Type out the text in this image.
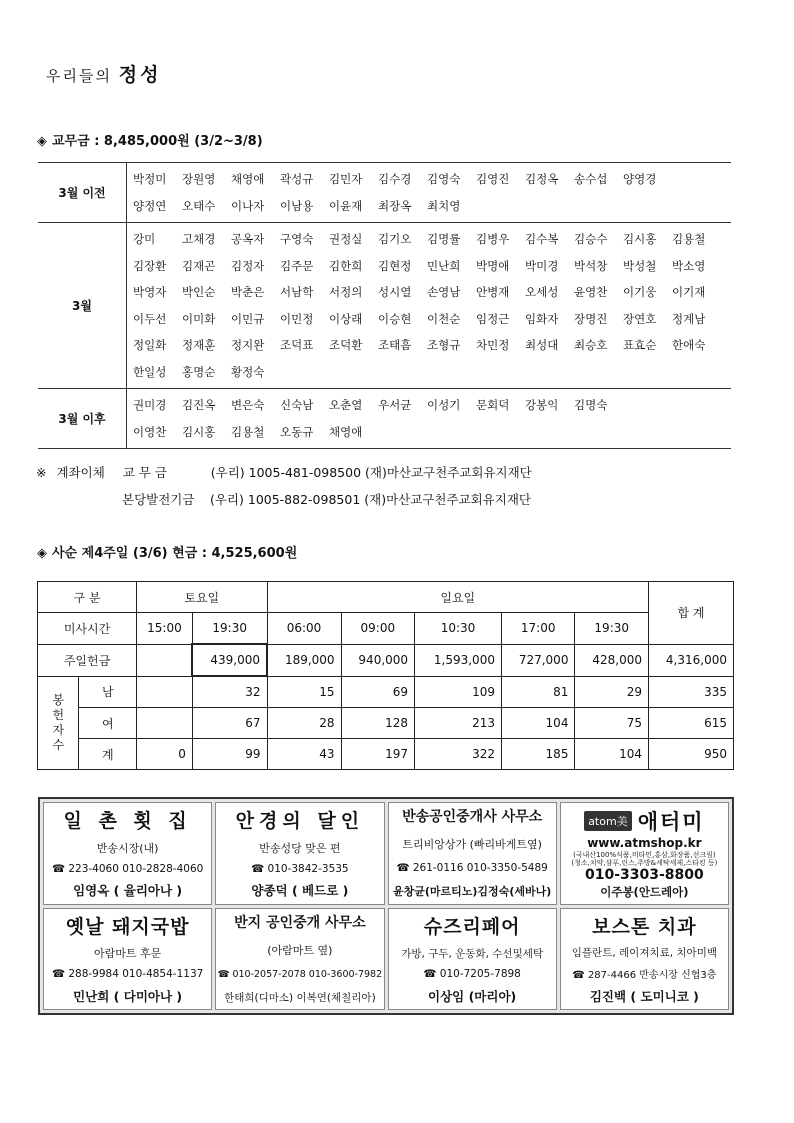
우리들의 정성
◈ 교무금 : 8,485,000원 (3/2~3/8)
3월 이전
박정미	장원영	채영애	곽성규	김민자	김수경	김영숙	김영진	김정옥	송수섭	양영경
양정연	오태수	이나자	이남용	이윤재	최장옥	최치영
3월
강미	고채경	공옥자	구영숙	권정실	김기오	김명률	김병우	김수복	김승수	김시홍	김용철
김장환	김재곤	김정자	김주문	김한희	김현정	민난희	박명애	박미경	박석창	박성철	박소영
박영자	박인순	박춘은	서남학	서정의	성시열	손영남	안병재	오세성	윤영찬	이기웅	이기재
이두선	이미화	이민규	이민정	이상래	이승현	이천순	임정근	임화자	장명진	장연호	정계남
정일화	정재훈	정지완	조덕표	조덕환	조태흠	조형규	차민정	최성대	최승호	표효순	한애숙
한일성	홍명순	황정숙
3월 이후
권미경	김진옥	변은숙	신숙남	오춘열	우서균	이성기	문회덕	강봉익	김명숙
이영찬	김시홍	김용철	오동규	채영애
※ 계좌이체 교 무 금	(우리) 1005-481-098500 (재)마산교구천주교회유지재단
본당발전기금 (우리) 1005-882-098501 (재)마산교구천주교회유지재단
◈ 사순 제4주일 (3/6) 현금 : 4,525,600원
구 분		토요일		일요일					합 계
미사시간		15:00	19:30	06:00	09:00	10:30	17:00	19:30	
주일헌금			439,000	189,000	940,000	1,593,000	727,000	428,000	4,316,000
봉헌자수	남		32	15	69	109	81	29	335
	여		67	28	128	213	104	75	615
	계	0	99	43	197	322	185	104	950
일 촌 횟 집
반송시장(내)
☎ 223-4060 010-2828-4060
임영옥 ( 율리아나 )
안경의 달인
반송성당 맞은 편
☎ 010-3842-3535
양종덕 ( 베드로 )
반송공인중개사 사무소
트리비앙상가 (빠리바게트옆)
☎ 261-0116 010-3350-5489
윤창균(마르티노)김정숙(세바나)
atom美 애터미
www.atmshop.kr
(국내산100%식품,비타민,홍삼,화장품,선크림)
(청소,치약,샴푸,린스,주방&세탁세제,스타킹 등)
010-3303-8800
이주봉(안드레아)
옛날 돼지국밥
아람마트 후문
☎ 288-9984 010-4854-1137
민난희 ( 다미아나 )
반지 공인중개 사무소
(아람마트 옆)
☎ 010-2057-2078 010-3600-7982
한태희(디마소) 이복연(체칠리아)
슈즈리페어
가방, 구두, 운동화, 수선및세탁
☎ 010-7205-7898
이상임 (마리아)
보스톤 치과
임플란트, 레이져치료, 치아미백
☎ 287-4466 반송시장 신협3층
김진백 ( 도미니코 )
